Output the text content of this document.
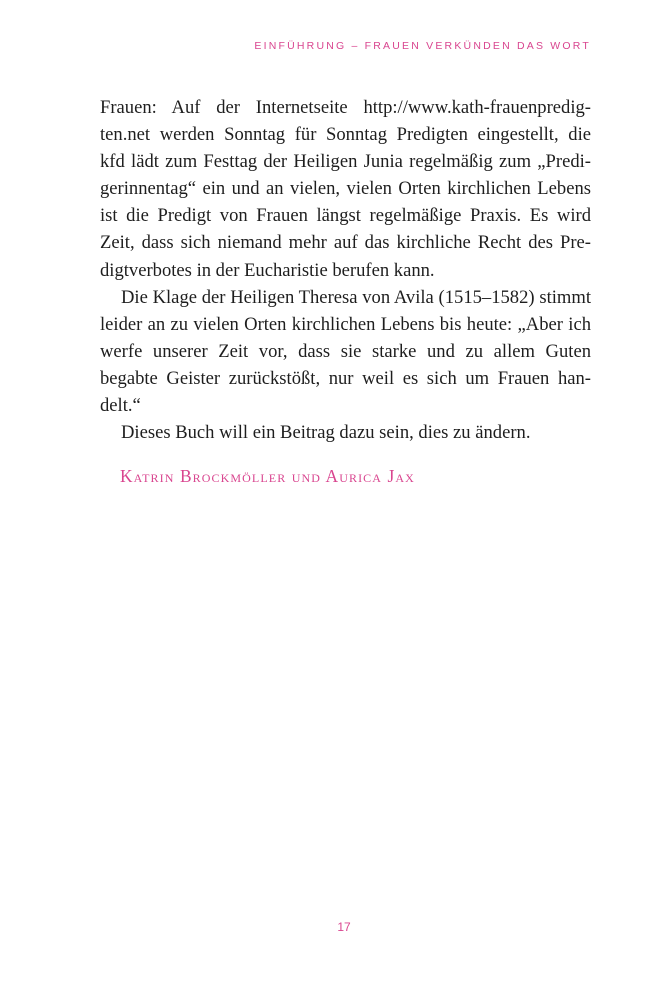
EINFÜHRUNG – FRAUEN VERKÜNDEN DAS WORT
Frauen: Auf der Internetseite http://www.kath-frauenpredig-
ten.net werden Sonntag für Sonntag Predigten eingestellt, die
kfd lädt zum Festtag der Heiligen Junia regelmäßig zum „Predi-
gerinnentag“ ein und an vielen, vielen Orten kirchlichen Lebens
ist die Predigt von Frauen längst regelmäßige Praxis. Es wird
Zeit, dass sich niemand mehr auf das kirchliche Recht des Pre-
digtverbotes in der Eucharistie berufen kann.
Die Klage der Heiligen Theresa von Avila (1515–1582) stimmt
leider an zu vielen Orten kirchlichen Lebens bis heute: „Aber ich
werfe unserer Zeit vor, dass sie starke und zu allem Guten
begabte Geister zurückstößt, nur weil es sich um Frauen han-
delt.“
Dieses Buch will ein Beitrag dazu sein, dies zu ändern.
Katrin Brockmöller und Aurica Jax
17
